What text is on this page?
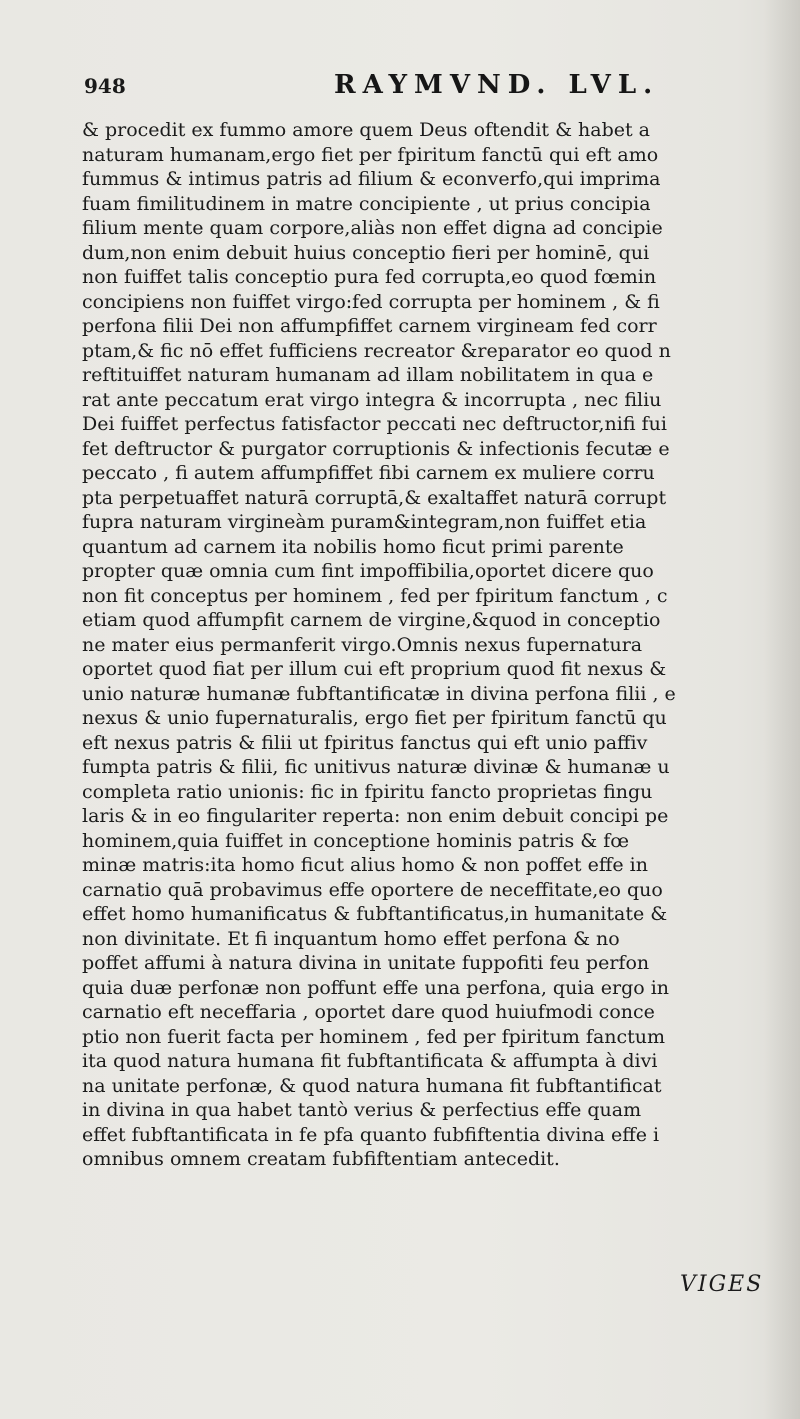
948	RAYMVND. LVL.
& procedit ex fummo amore quem Deus oftendit & habet a
naturam humanam,ergo fiet per fpiritum fanctū qui eft amo
fummus & intimus patris ad filium & econverfo,qui imprima
fuam fimilitudinem in matre concipiente , ut prius concipia
filium mente quam corpore,aliàs non effet digna ad concipie
dum,non enim debuit huius conceptio fieri per hominē, qui
non fuiffet talis conceptio pura fed corrupta,eo quod fœmin
concipiens non fuiffet virgo:fed corrupta per hominem , & fi
perfona filii Dei non affumpfiffet carnem virgineam fed corr
ptam,& fic nō effet fufficiens recreator &reparator eo quod n
reftituiffet naturam humanam ad illam nobilitatem in qua e
rat ante peccatum erat virgo integra & incorrupta , nec filiu
Dei fuiffet perfectus fatisfactor peccati nec deftructor,nifi fui
fet deftructor & purgator corruptionis & infectionis fecutæ e
peccato , fi autem affumpfiffet fibi carnem ex muliere corru
pta perpetuaffet naturā corruptā,& exaltaffet naturā corrupt
fupra naturam virgineàm puram&integram,non fuiffet etia
quantum ad carnem ita nobilis homo ficut primi parente
propter quæ omnia cum fint impoffibilia,oportet dicere quo
non fit conceptus per hominem , fed per fpiritum fanctum , c
etiam quod affumpfit carnem de virgine,&quod in conceptio
ne mater eius permanferit virgo.Omnis nexus fupernatura
oportet quod fiat per illum cui eft proprium quod fit nexus &
unio naturæ humanæ fubftantificatæ in divina perfona filii , e
nexus & unio fupernaturalis, ergo fiet per fpiritum fanctū qu
eft nexus patris & filii ut fpiritus fanctus qui eft unio paffiv
fumpta patris & filii, fic unitivus naturæ divinæ & humanæ u
completa ratio unionis: fic in fpiritu fancto proprietas fingu
laris & in eo fingulariter reperta: non enim debuit concipi pe
hominem,quia fuiffet in conceptione hominis patris & fœ
minæ matris:ita homo ficut alius homo & non poffet effe in
carnatio quā probavimus effe oportere de neceffitate,eo quo
effet homo humanificatus & fubftantificatus,in humanitate &
non divinitate. Et fi inquantum homo effet perfona & no
poffet affumi à natura divina in unitate fuppofiti feu perfon
quia duæ perfonæ non poffunt effe una perfona, quia ergo in
carnatio eft neceffaria , oportet dare quod huiufmodi conce
ptio non fuerit facta per hominem , fed per fpiritum fanctum
ita quod natura humana fit fubftantificata & affumpta à divi
na unitate perfonæ, & quod natura humana fit fubftantificat
in divina in qua habet tantò verius & perfectius effe quam
effet fubftantificata in fe pfa quanto fubfiftentia divina effe i
omnibus omnem creatam fubfiftentiam antecedit.
VIGES
